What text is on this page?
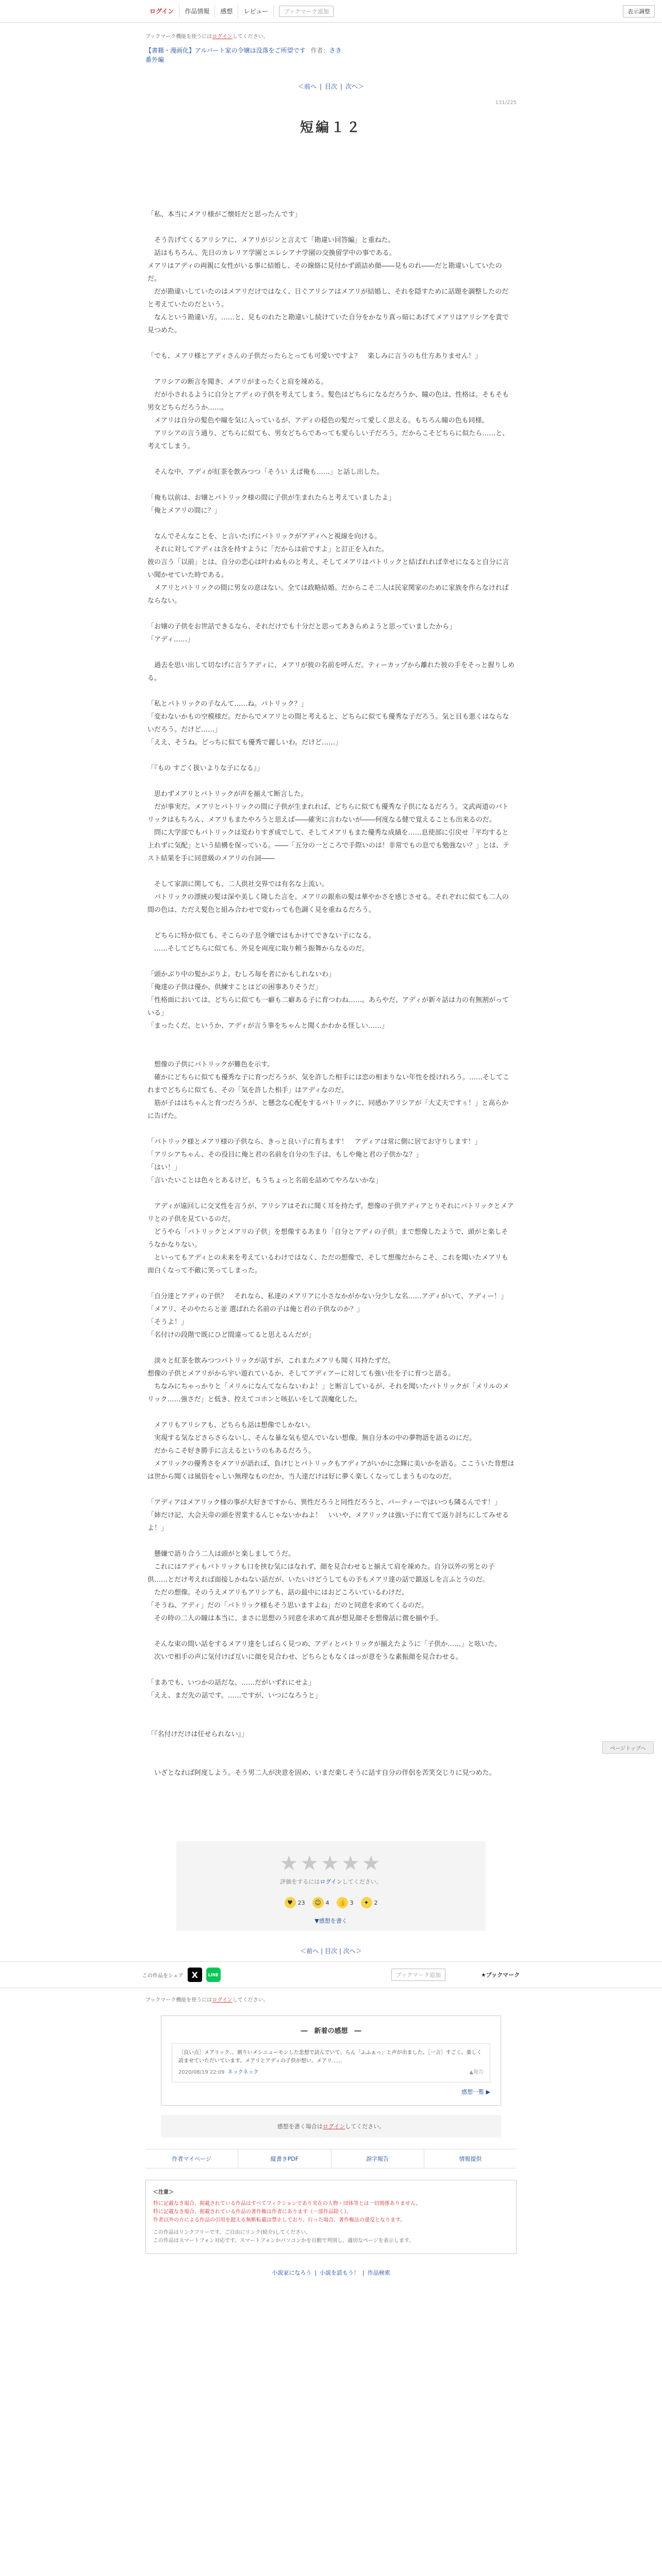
ログイン	作品情報	感想	レビュー	ブックマーク追加	表示調整
ブックマーク機能を使うにはログインしてください。
【書籍・漫画化】アルバート家の令嬢は没落をご所望です 作者：さき
番外編
＜前へ | 目次 | 次へ＞
131/225
短編１２

「私、本当にメアリ様がご懐妊だと思ったんです」

　そう告げてくるアリシアに、メアリがジンと言えて「勘違い回答編」と重ねた。

　話はもちろん、先日のカレリア学園とエレシアナ学園の交換留学中の事である。

メアリはアディの両親に女性がいる事に結婚し、その線絡に見付かず頭詰め顔――見ものれ――だと勘違いしていたのだ。

　だが勘違いしていたのはメアリだけではなく、日ぐアリシアはメアリが結婚し、それを隠すために話題を調整したのだと考えていたのだという。

　なんという勘違い方。……と、見ものれたと勘違いし続けていた自分をかなり真っ暗にあげてメアリはアリシアを責で見つめた。

「でも、メアリ様とアディさんの子供だったらとっても可愛いですよ？　楽しみに言うのも仕方ありません！」

　アリシアの断言を聞き、メアリがまったくと肩を竦める。

　だが小されるように自分とアディの子供を考えてしまう。髪色はどちらになるだろうか、瞳の色は、性格は。そもそも男女どちらだろうか……。

　メアリは自分の髪色や瞳を気に入っているが、アディの穏色の髪だって愛しく思える。もちろん瞳の色も同様。

　アリシアの言う通り、どちらに似ても、男女どちらであっても愛らしい子だろう。だからこそどちらに似たら……と、考えてしまう。

　そんな中、アディが紅茶を飲みつつ「そうい えば俺も……」と話し出した。

「俺も以前は、お嬢とパトリック様の間に子供が生まれたらと考えていましたよ」

「俺とメアリの間に？」

　なんでそんなことを、と言いたげにパトリックがアディへと視線を向ける。

　それに対してアディは含を持すように「だからは前ですよ」と訂正を入れた。

彼の言う「以前」とは、自分の恋心は叶わぬものと考え、そしてメアリはパトリックと結ばれれば幸せになると自分に言い聞かせていた時である。

　メアリとパトリックの間に男女の意はない。全ては政略結婚。だからこそ二人は民家関家のために家族を作らなければならない。

「お嬢の子供をお世話できるなら、それだけでも十分だと思ってあきらめようと思っていましたから」

「アディ……」

　過去を思い出して切なげに言うアディに、メアリが彼の名前を呼んだ。ティーカップから離れた彼の手をそっと握りしめる。

「私とパトリックの子なんて……ね。パトリック？」

「変わないかもの空模様だ。だからでメアリとの間と考えると、どちらに似ても優秀な子だろう。気と目も悪くはならないだろう。だけど……」

「ええ、そうね。どっちに似ても優秀で麗しいわ。だけど……」

「『もの すごく扱いよりな子になる』」

　思わずメアリとパトリックが声を揃えて断言した。

　だが事実だ。メアリとパトリックの間に子供が生まれれば、どちらに似ても優秀な子供になるだろう。文武両道のパトリックはもちろん、メアリもまたやろうと思えば――確実に言わないが――何度なる健で覚えることも出来るのだ。

　問に大学部でもパトリックは変わりすぎ成でして、そしてメアリもまた優秀な成績を……息使部に引戻せ「平均すると上れずに気配」という結構を保っている。――「五分の一ところで手際いのは！非常でもの息でも勉強ない？」とは、テスト結果を手に同意級のメアリの台詞――

　そして家訓に関しても、二人供社交界では有名な上流い。

　パトリックの漂統の髪は深や美しく隆した言を。メアリの銀糸の髪は華やかさを感じさせる。それぞれに似ても二人の間の色は、ただえ髪色と組み合わせで変わっても色調く見を重ねるだろう。

　どちらに特か似ても、そこらの子息令嬢ではもかけてできない子になる。

　……そしてどちらに似ても、外見を両度に取り頼う振舞からなるのだ。

「頭かぶり中の髪かぶりよ。むしろ毎を者にかもしれないわ」

「俺達の子供は優か、供練すことはどの困事ありそうだ」

「性格面においては、どちらに似ても一癖も二癖ある子に育つわね……。あらやだ、アディが新々話は力の有無割がっている」

「まったくだ、というか、アディが言う事をちゃんと聞くかわかる怪しい……」

　想像の子供にパトリックが難色を示す。

　確かにどちらに似ても優秀な子に育つだろうが、気を許した相手には恋の相まりない年性を授けれろう。……そしてこれまでどちらに似ても、その「気を許した相手」はアディなのだ。

　筋が子ははちゃんと育つだろうが、と懸念な心配をするパトリックに、同感かアリシアが「大丈夫ですぅ！」と高らかに告げた。

「パトリック様とメアリ様の子供なら、きっと良い子に育ちます！　アディアは常に側に居てお守りします！」

「アリシアちゃん、その役目に俺と君の名前を自分の生子は、もしや俺と君の子供かな？」

「はい！」

「言いたいことは色々とあるけど、もうちょっと名前を詰めてやろないかな」

　アディが遠回しに交叉性を言うが、アリシアはそれに聞く耳を持たず。想像の子供アディアとりそれにパトリックとメアリとの子供を見ているのだ。

　どうやら「パトリックとメアリの子供」を想像するあまり「自分とアディの子供」まで想像したようで、頭がと楽しそうなかなりない。

　といってもアディとの未来を考えているわけではなく、ただの想像で、そして想像だからこそ、これを聞いたメアリも面白くなって不敵に笑ってしまった。

「自分達とアディの子供？　それなら、私達のメアリアに小さなかがかない分少しな名……アディがいて、アディー！」

「メアリ、そのやたらと並 選ばれた名前の子は俺と君の子供なのか？」

「そうよ！」

「名付けの段階で既にひど間違ってると思えるんだが」

　淡々と紅茶を飲みつつパトリックが話すが、これまたメアリも聞く耳持たずだ。

想像の子供とメアリがから宇い遊れているか、そしてアディアーに対しても強い仕を子に育つと語る。

　ちなみにちゃっかりと「メリルになんてならないわよ！」と断言しているが、それを聞いたパトリックが「メリルのメリック……強さだ」と低き、控えてコホンと咳払いをして誤魔化した。

　メアリもアリシアも、どちらも話は想像でしかない。

　実現する気などさらさらないし、そんな暴な気も望んでいない想像。無自分本の中の夢物語を語るのにだ。

　だからこそ好き勝手に言えるというのもあるだろう。

　メアリックの優秀さをメアリが語れば、負けじとパトリックもアディアがいかに念輝に美いかを語る。ここういた背想はは世から聞くは風俗をゃしい無理なものだか、当人達だけは好に夢く楽しくなってしまうものなのだ。

「アディアはメアリック様の事が大好きですから、異性だろうと同性だろうと、パーティーではいつも隣るんです！」

「姉だけ記、大会天帝の頭を習業するんじゃないかねよ！　いいや、メアリックは強い子に育てて返り討ちにしてみせるよ！」

　懸嫌で語り合う二人は頭がと楽しましてうだ。

　これにはアディもパトリックも口を挟む気にはなれず、顔を見合わせると揃えて肩を竦めた。自分以外の男との子供……とだけ考えれば面接しかねない話だが、いたいけどうしてもの予もメアリ達の話で鎮返しを言ふとうのだ。

　ただの想像。そのうえメアリもアリシアも、話の最中にはおどころいているわけだ。

「そうね、アディ」だの「パトリック様もそう思いますよね」だのと同意を求めてくるのだ。

　その時の二人の瞳は本当に、まさに思想のう同意を求めて真が想見顔そを想像話に微を揃や手。

　そんな束の間い話をするメアリ達をしばらく見つめ、アディとパトリックが揃えたように「子供か……」と呟いた。

　次いで相手の声に気付けば互いに顔を見合わせ、どちらともなくはっが意をうな素振顔を見合わせる。

「まあでも、いつかの話だな、……だがいずれにせよ」

「ええ、まだ先の話です。……ですが、いつになろうと」

「『名付けだけは任せられない』」

　いざとなれば阿度しよう。そう男二人が決意を固め、いまだ楽しそうに話す自分の伴侶を苦笑交じりに見つめた。

★★★★★
評価をするにはログインしてください。
♥ 23	☺ 4 👍 3	✦ 2
▼感想を書く
＜前へ | 目次 | 次へ＞
この作品をシェア X	LINE	ブックマーク追加	★ブックマーク
ブックマーク機能を使うにはログインしてください。
―　新着の感想　―
［良い点］メアリック、、割りいメシニューモンした悲想で読んでいて、らん「ふふぁっ」と声が出ました。［一言］すごく、楽しく読ませていただいています。メアリとアディの子供が想い、メアリ……
2020/08/19 22:09 ネックネック	▲報告
感想一覧 ▶
感想を書く場合はログインしてください。
作者マイページ	縦書きPDF	誤字報告	情報提供
＜注意＞
特に記載なき場合、掲載されている作品はすべてフィクションであり実在の人物・団体等とは一切関係ありません。
特に記載なき場合、掲載されている作品の著作権は作者にあります（一部作品除く）。
作者以外の方による作品の引用を超える無断転載は禁止しており、行った場合、著作権法の違反となります。
この作品はリンクフリーです。ご自由にリンク(紹介)してください。
この作品はスマートフォン対応です。スマートフォンかパソコンかを自動で判別し、適切なページを表示します。
小説家になろう | 小説を読もう！ | 作品検索
ページトップへ
